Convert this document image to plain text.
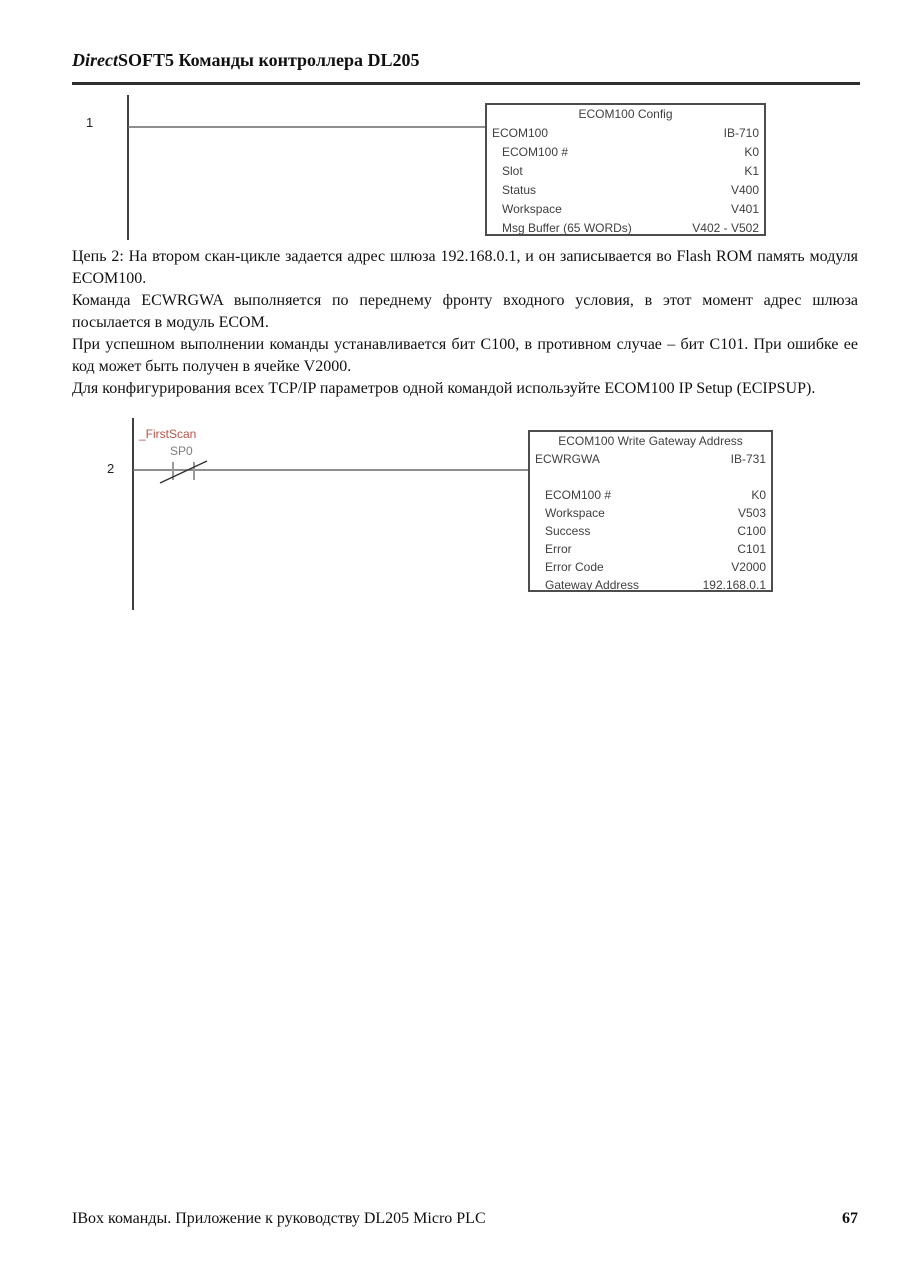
DirectSOFT5 Команды контроллера DL205
1
ECOM100 Config
ECOM100	IB-710
ECOM100 #	K0
Slot	K1
Status	V400
Workspace	V401
Msg Buffer (65 WORDs)	V402 - V502

Цепь 2: На втором скан-цикле задается адрес шлюза 192.168.0.1, и он записывается во Flash ROM память модуля ECOM100.

Команда ECWRGWA выполняется по переднему фронту входного условия, в этот момент адрес шлюза посылается в модуль ECOM.

При успешном выполнении команды устанавливается бит C100, в противном случае – бит C101. При ошибке ее код может быть получен в ячейке V2000.

Для конфигурирования всех TCP/IP параметров одной командой используйте ECOM100 IP Setup (ECIPSUP).

_FirstScan
SP0
2
ECOM100 Write Gateway Address
ECWRGWA	IB-731
ECOM100 #	K0
Workspace	V503
Success	C100
Error	C101
Error Code	V2000
Gateway Address	192.168.0.1
IBox команды. Приложение к руководству DL205 Micro PLC	67
